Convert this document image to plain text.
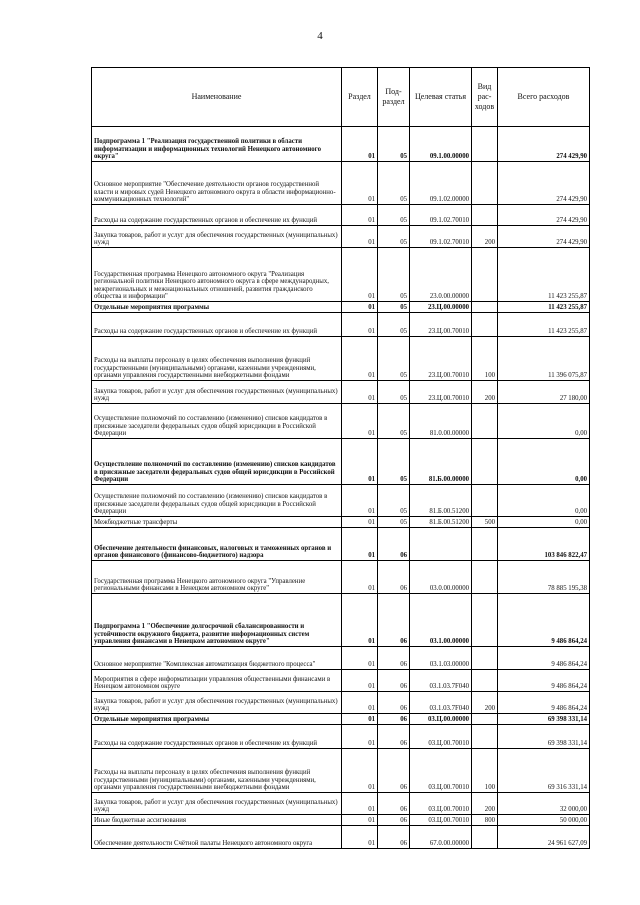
4
Наименование	Раздел	Под-раздел	Целевая статья	Вид рас-ходов	Всего расходов
Подпрограмма 1 "Реализация государственной политики в области информатизации и информационных технологий Ненецкого автономного округа"	01	05	09.1.00.00000		274 429,90
Основное мероприятие "Обеспечение деятельности органов государственной власти и мировых судей Ненецкого автономного округа в области информационно-коммуникационных технологий"	01	05	09.1.02.00000		274 429,90
Расходы на содержание государственных органов и обеспечение их функций	01	05	09.1.02.70010		274 429,90
Закупка товаров, работ и услуг для обеспечения государственных (муниципальных) нужд	01	05	09.1.02.70010	200	274 429,90
Государственная программа Ненецкого автономного округа "Реализация региональной политики Ненецкого автономного округа в сфере международных, межрегиональных и межнациональных отношений, развития гражданского общества и информации"	01	05	23.0.00.00000		11 423 255,87
Отдельные мероприятия программы	01	05	23.Ц.00.00000		11 423 255,87
Расходы на содержание государственных органов и обеспечение их функций	01	05	23.Ц.00.70010		11 423 255,87
Расходы на выплаты персоналу в целях обеспечения выполнения функций государственными (муниципальными) органами, казенными учреждениями, органами управления государственными внебюджетными фондами	01	05	23.Ц.00.70010	100	11 396 075,87
Закупка товаров, работ и услуг для обеспечения государственных (муниципальных) нужд	01	05	23.Ц.00.70010	200	27 180,00
Осуществление полномочий по составлению (изменению) списков кандидатов в присяжные заседатели федеральных судов общей юрисдикции в Российской Федерации	01	05	81.0.00.00000		0,00
Осуществление полномочий по составлению (изменению) списков кандидатов в присяжные заседатели федеральных судов общей юрисдикции в Российской Федерации	01	05	81.Б.00.00000		0,00
Осуществление полномочий по составлению (изменению) списков кандидатов в присяжные заседатели федеральных судов общей юрисдикции в Российской Федерации	01	05	81.Б.00.51200		0,00
Межбюджетные трансферты	01	05	81.Б.00.51200	500	0,00
Обеспечение деятельности финансовых, налоговых и таможенных органов и органов финансового (финансово-бюджетного) надзора	01	06			103 846 822,47
Государственная программа Ненецкого автономного округа "Управление региональными финансами в Ненецком автономном округе"	01	06	03.0.00.00000		78 885 195,38
Подпрограмма 1 "Обеспечение долгосрочной сбалансированности и устойчивости окружного бюджета, развитие информационных систем управления финансами в Ненецком автономном округе"	01	06	03.1.00.00000		9 486 864,24
Основное мероприятие "Комплексная автоматизация бюджетного процесса"	01	06	03.1.03.00000		9 486 864,24
Мероприятия в сфере информатизации управления общественными финансами в Ненецком автономном округе	01	06	03.1.03.7F040		9 486 864,24
Закупка товаров, работ и услуг для обеспечения государственных (муниципальных) нужд	01	06	03.1.03.7F040	200	9 486 864,24
Отдельные мероприятия программы	01	06	03.Ц.00.00000		69 398 331,14
Расходы на содержание государственных органов и обеспечение их функций	01	06	03.Ц.00.70010		69 398 331,14
Расходы на выплаты персоналу в целях обеспечения выполнения функций государственными (муниципальными) органами, казенными учреждениями, органами управления государственными внебюджетными фондами	01	06	03.Ц.00.70010	100	69 316 331,14
Закупка товаров, работ и услуг для обеспечения государственных (муниципальных) нужд	01	06	03.Ц.00.70010	200	32 000,00
Иные бюджетные ассигнования	01	06	03.Ц.00.70010	800	50 000,00
Обеспечение деятельности Счётной палаты Ненецкого автономного округа	01	06	67.0.00.00000		24 961 627,09
